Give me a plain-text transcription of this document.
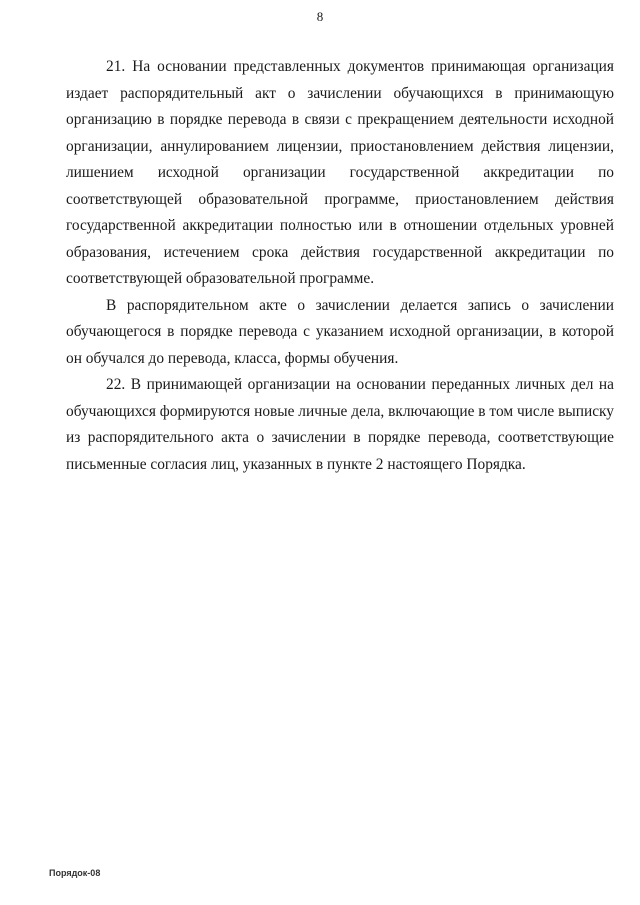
8

21. На основании представленных документов принимающая организация издает распорядительный акт о зачислении обучающихся в принимающую организацию в порядке перевода в связи с прекращением деятельности исходной организации, аннулированием лицензии, приостановлением действия лицензии, лишением исходной организации государственной аккредитации по соответствующей образовательной программе, приостановлением действия государственной аккредитации полностью или в отношении отдельных уровней образования, истечением срока действия государственной аккредитации по соответствующей образовательной программе.

В распорядительном акте о зачислении делается запись о зачислении обучающегося в порядке перевода с указанием исходной организации, в которой он обучался до перевода, класса, формы обучения.

22. В принимающей организации на основании переданных личных дел на обучающихся формируются новые личные дела, включающие в том числе выписку из распорядительного акта о зачислении в порядке перевода, соответствующие письменные согласия лиц, указанных в пункте 2 настоящего Порядка.

Порядок-08
